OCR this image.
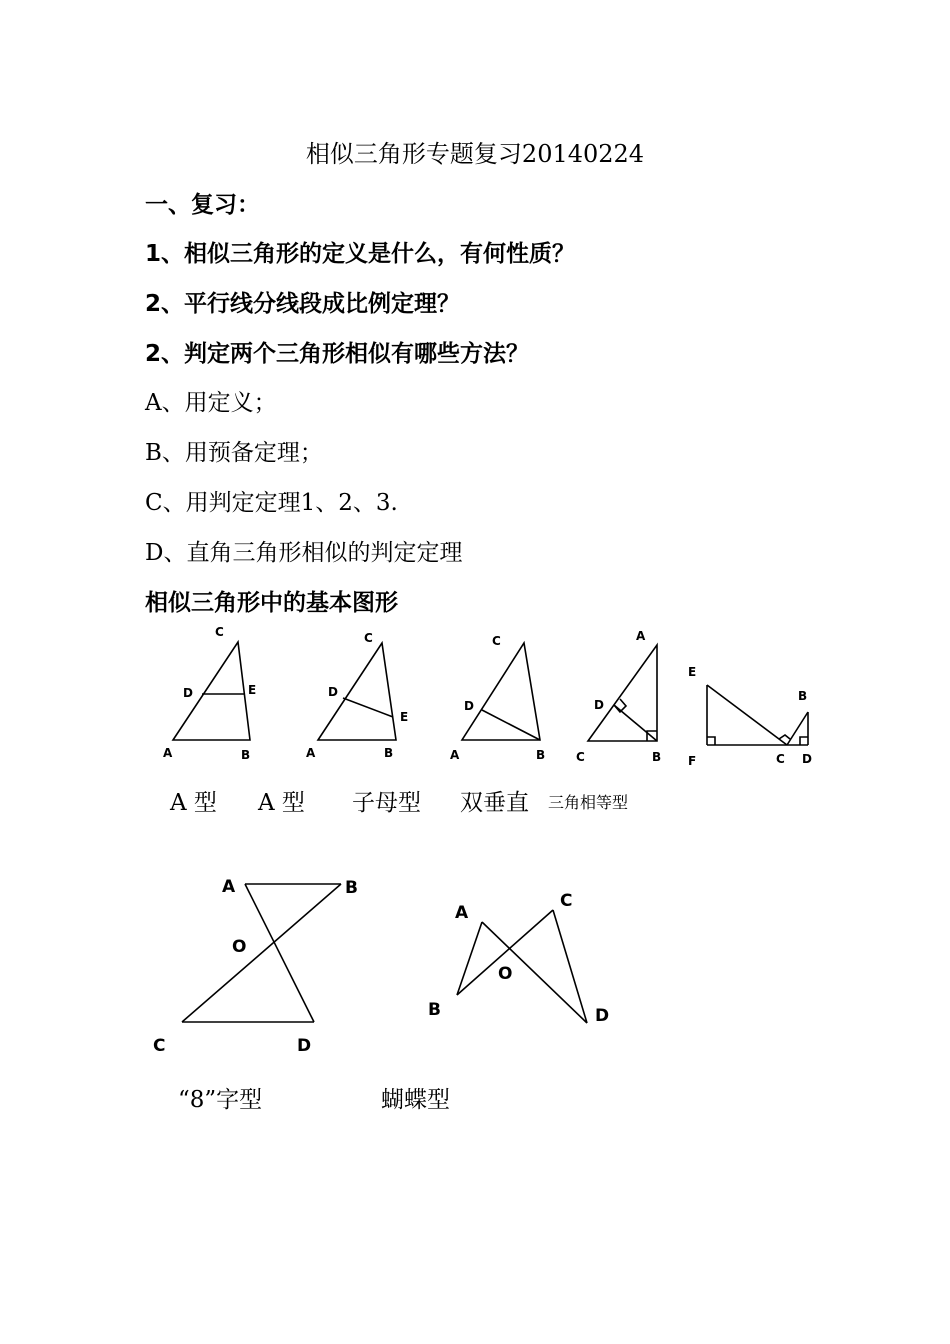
相似三角形专题复习20140224
一、复习：
1、相似三角形的定义是什么，有何性质？
2、平行线分线段成比例定理？
2、判定两个三角形相似有哪些方法？
A、用定义；
B、用预备定理；
C、用判定定理1、2、3.
D、直角三角形相似的判定定理
相似三角形中的基本图形
C
D	E
A	B
C
D
E
A	B
C
D
A	B
A
D
C	B
E
B
F	C D
A 型 A 型 子母型 双垂直 三角相等型
A	B
O
C	D
A
C
O
B	D
“8”字型	蝴蝶型
